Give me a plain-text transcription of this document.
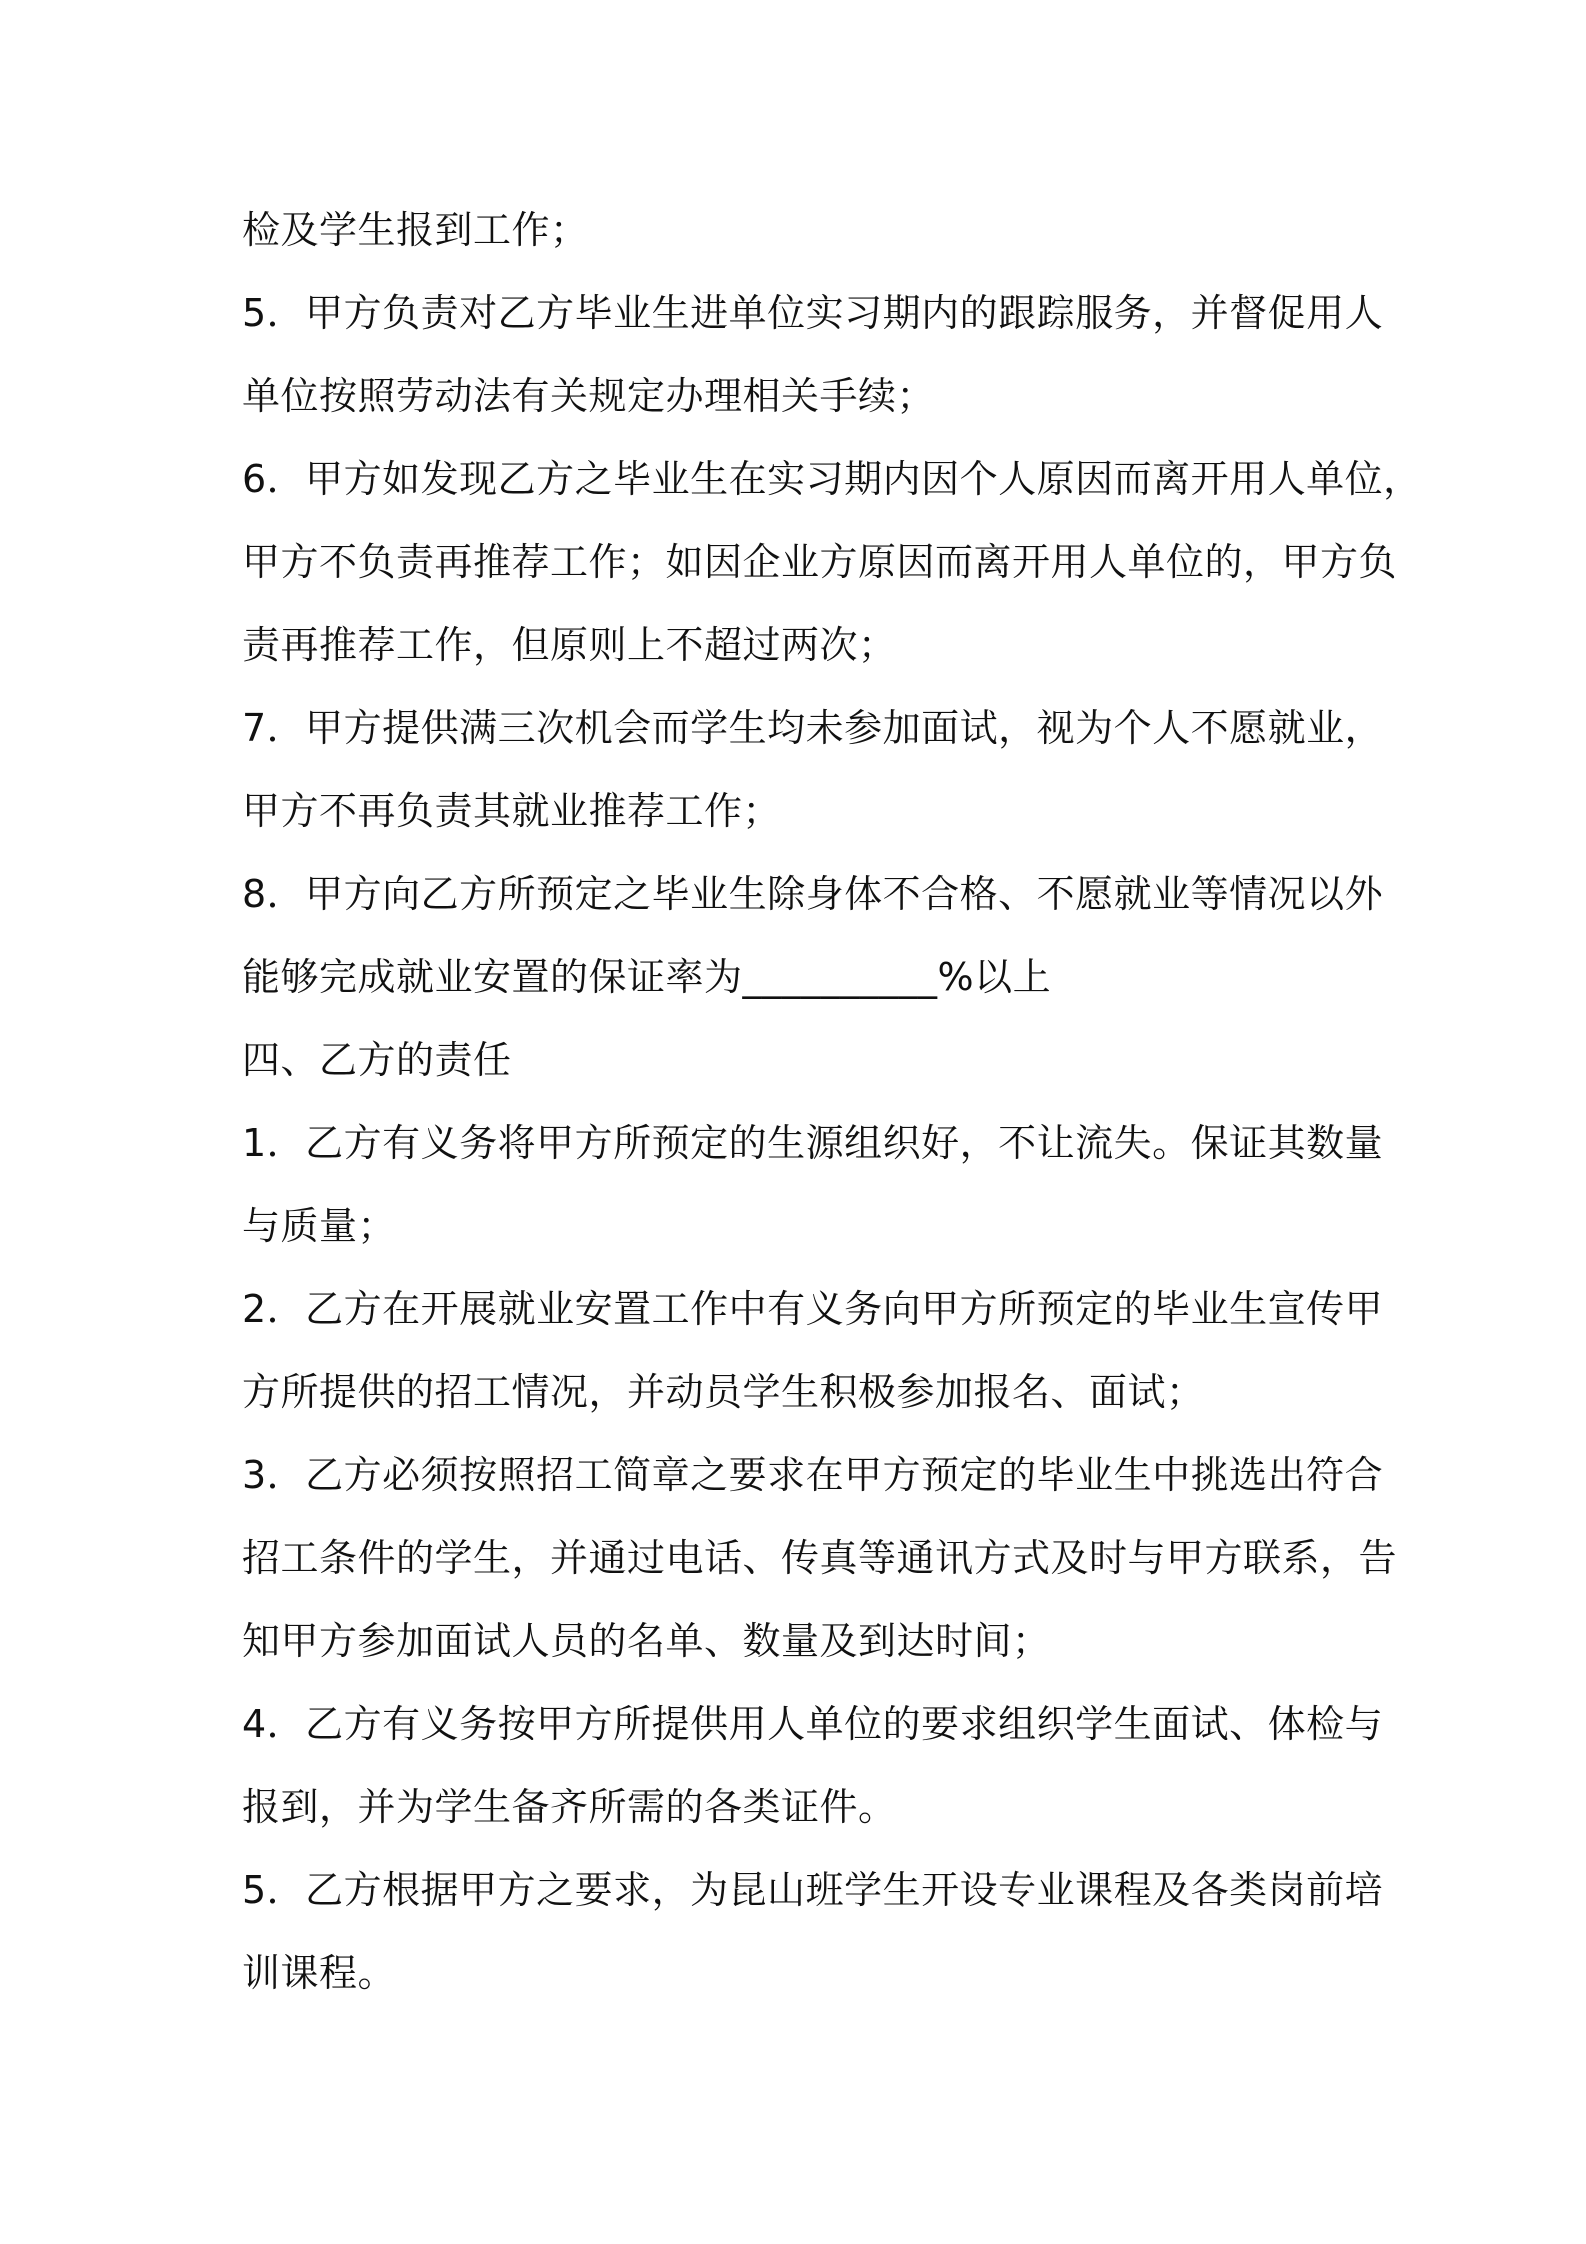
检及学生报到工作；
5．甲方负责对乙方毕业生进单位实习期内的跟踪服务，并督促用人
单位按照劳动法有关规定办理相关手续；
6．甲方如发现乙方之毕业生在实习期内因个人原因而离开用人单位，
甲方不负责再推荐工作；如因企业方原因而离开用人单位的，甲方负
责再推荐工作，但原则上不超过两次；
7．甲方提供满三次机会而学生均未参加面试，视为个人不愿就业，
甲方不再负责其就业推荐工作；
8．甲方向乙方所预定之毕业生除身体不合格、不愿就业等情况以外
能够完成就业安置的保证率为__________%以上
四、乙方的责任
1．乙方有义务将甲方所预定的生源组织好，不让流失。保证其数量
与质量；
2．乙方在开展就业安置工作中有义务向甲方所预定的毕业生宣传甲
方所提供的招工情况，并动员学生积极参加报名、面试；
3．乙方必须按照招工简章之要求在甲方预定的毕业生中挑选出符合
招工条件的学生，并通过电话、传真等通讯方式及时与甲方联系，告
知甲方参加面试人员的名单、数量及到达时间；
4．乙方有义务按甲方所提供用人单位的要求组织学生面试、体检与
报到，并为学生备齐所需的各类证件。
5．乙方根据甲方之要求，为昆山班学生开设专业课程及各类岗前培
训课程。
